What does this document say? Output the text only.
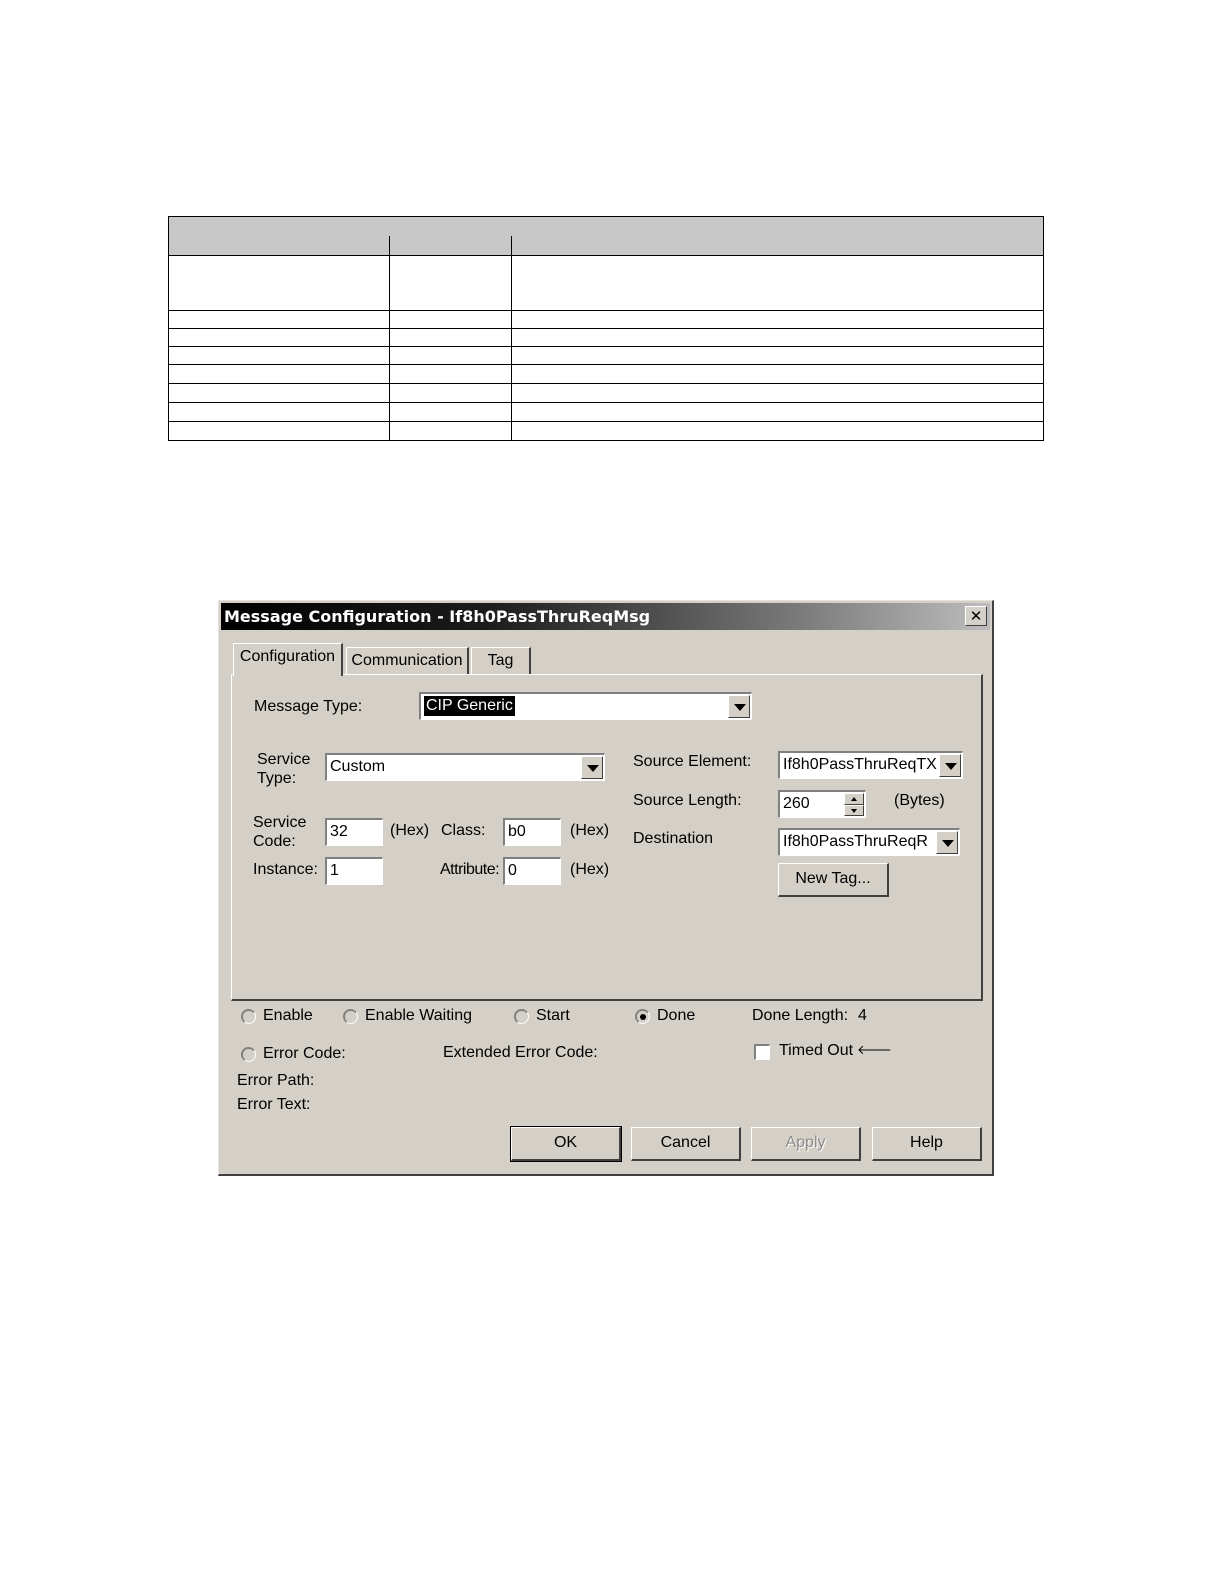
Message Configuration - If8h0PassThruReqMsg	✕
Configuration	Communication	Tag
Message Type:	CIP Generic
Service
Type:
Custom
Service
Code:
32	(Hex) Class:	b0	(Hex)
Instance: 1	Attribute: 0	(Hex)
Source Element:	If8h0PassThruReqTX
Source Length:	260	(Bytes)
Destination	If8h0PassThruReqR
New Tag...
Enable	Enable Waiting	Start	Done	Done Length: 4
Error Code:	Extended Error Code:	Timed Out 🡐
Error Path:
Error Text:
OK	Cancel	Apply	Help
